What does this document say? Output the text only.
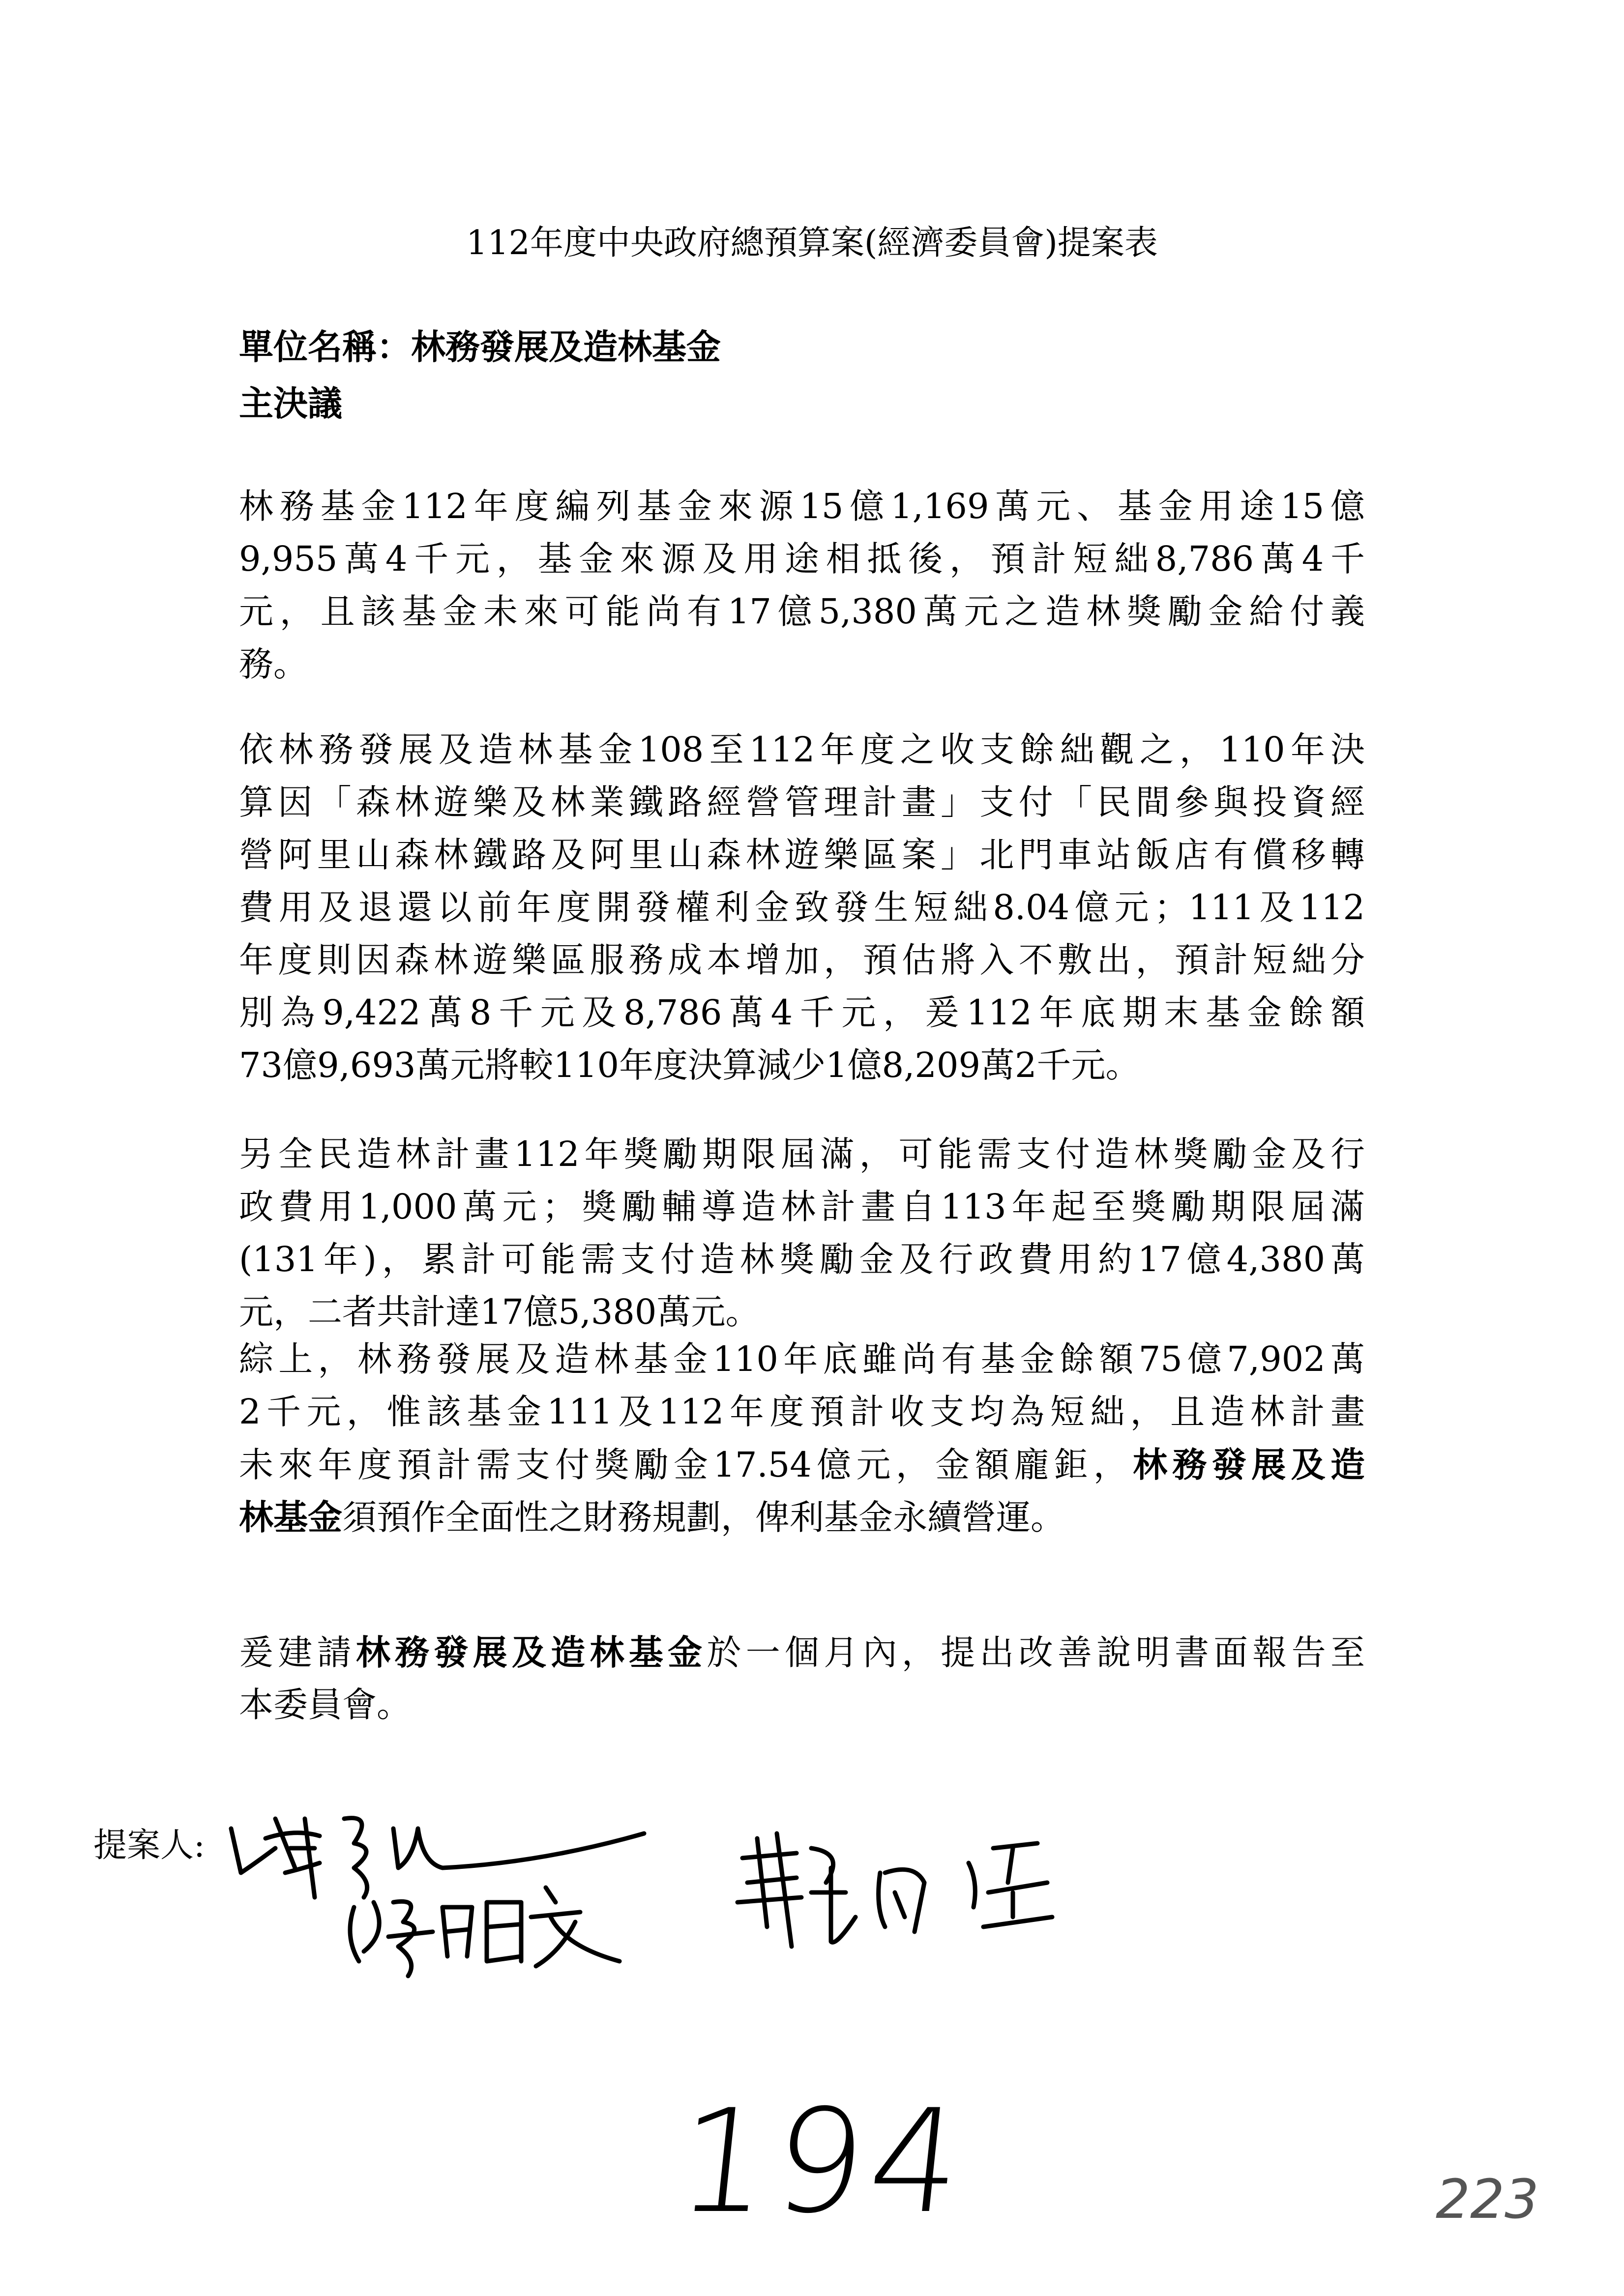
112年度中央政府總預算案(經濟委員會)提案表
單位名稱：林務發展及造林基金
主決議
林務基金112年度編列基金來源15億1,169萬元、基金用途15億
9,955萬4千元，基金來源及用途相抵後，預計短絀8,786萬4千
元，且該基金未來可能尚有17億5,380萬元之造林獎勵金給付義
務。
依林務發展及造林基金108至112年度之收支餘絀觀之，110年決
算因「森林遊樂及林業鐵路經營管理計畫」支付「民間參與投資經
營阿里山森林鐵路及阿里山森林遊樂區案」北門車站飯店有償移轉
費用及退還以前年度開發權利金致發生短絀8.04億元；111及112
年度則因森林遊樂區服務成本增加，預估將入不敷出，預計短絀分
別為9,422萬8千元及8,786萬4千元，爰112年底期末基金餘額
73億9,693萬元將較110年度決算減少1億8,209萬2千元。
另全民造林計畫112年獎勵期限屆滿，可能需支付造林獎勵金及行
政費用1,000萬元；獎勵輔導造林計畫自113年起至獎勵期限屆滿
(131年)，累計可能需支付造林獎勵金及行政費用約17億4,380萬
元，二者共計達17億5,380萬元。
綜上，林務發展及造林基金110年底雖尚有基金餘額75億7,902萬
2千元，惟該基金111及112年度預計收支均為短絀，且造林計畫
未來年度預計需支付獎勵金17.54億元，金額龐鉅，林務發展及造
林基金須預作全面性之財務規劃，俾利基金永續營運。
爰建請林務發展及造林基金於一個月內，提出改善說明書面報告至
本委員會。
提案人:
194	223
